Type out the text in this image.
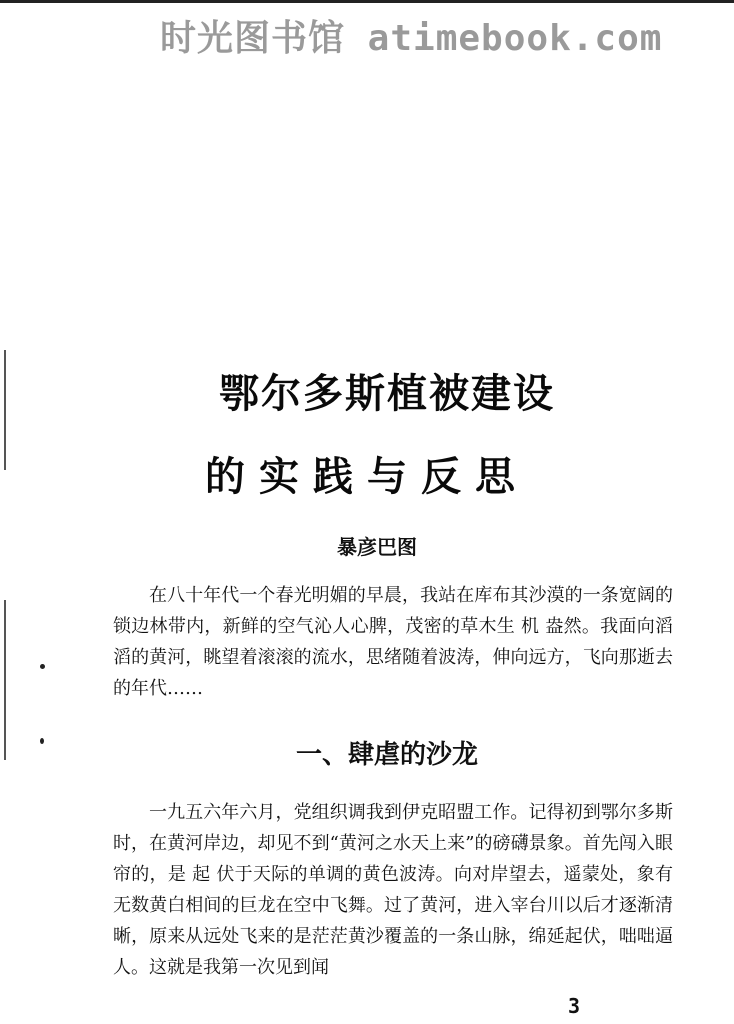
时光图书馆 atimebook.com
鄂尔多斯植被建设
的实践与反思
暴彦巴图

在八十年代一个春光明媚的早晨，我站在库布其沙漠的一条宽阔的锁边林带内，新鲜的空气沁人心脾，茂密的草木生 机 盎然。我面向滔滔的黄河，眺望着滚滚的流水，思绪随着波涛，伸向远方，飞向那逝去的年代……

一、肆虐的沙龙

一九五六年六月，党组织调我到伊克昭盟工作。记得初到鄂尔多斯时，在黄河岸边，却见不到“黄河之水天上来”的磅礴景象。首先闯入眼帘的，是 起 伏于天际的单调的黄色波涛。向对岸望去，遥蒙处，象有无数黄白相间的巨龙在空中飞舞。过了黄河，进入宰台川以后才逐渐清晰，原来从远处飞来的是茫茫黄沙覆盖的一条山脉，绵延起伏，咄咄逼人。这就是我第一次见到闻

3
